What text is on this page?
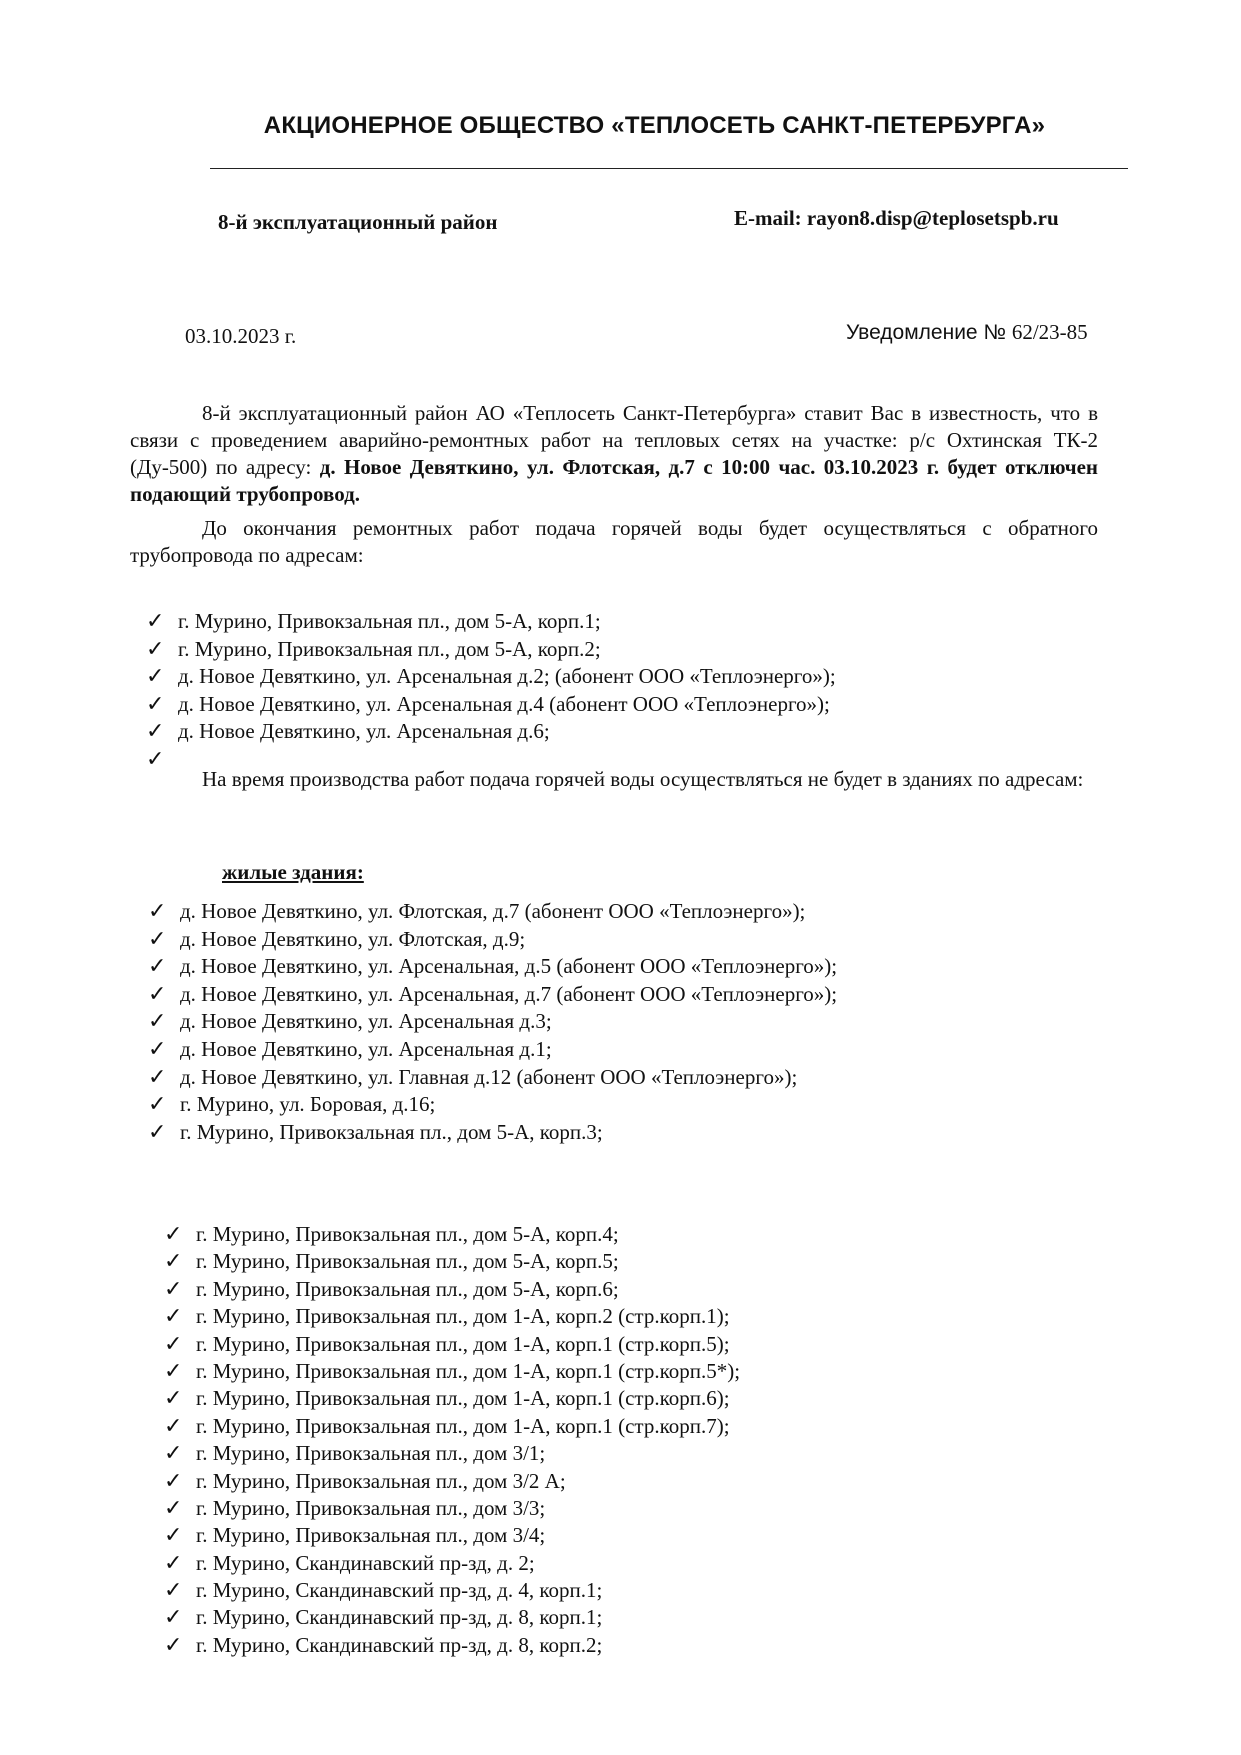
АКЦИОНЕРНОЕ ОБЩЕСТВО «ТЕПЛОСЕТЬ САНКТ-ПЕТЕРБУРГА»
8-й эксплуатационный район	E-mail: rayon8.disp@teplosetspb.ru
03.10.2023 г.	Уведомление № 62/23-85
8-й эксплуатационный район АО «Теплосеть Санкт-Петербурга» ставит Вас в известность, что в связи с проведением аварийно-ремонтных работ на тепловых сетях на участке: р/с Охтинская ТК-2 (Ду-500) по адресу: д. Новое Девяткино, ул. Флотская, д.7 с 10:00 час. 03.10.2023 г. будет отключен подающий трубопровод.
До окончания ремонтных работ подача горячей воды будет осуществляться с обратного трубопровода по адресам:
✓ г. Мурино, Привокзальная пл., дом 5-А, корп.1;
✓ г. Мурино, Привокзальная пл., дом 5-А, корп.2;
✓ д. Новое Девяткино, ул. Арсенальная д.2; (абонент ООО «Теплоэнерго»);
✓ д. Новое Девяткино, ул. Арсенальная д.4 (абонент ООО «Теплоэнерго»);
✓ д. Новое Девяткино, ул. Арсенальная д.6;
✓
На время производства работ подача горячей воды осуществляться не будет в зданиях по адресам:
жилые здания:
✓ д. Новое Девяткино, ул. Флотская, д.7 (абонент ООО «Теплоэнерго»);
✓ д. Новое Девяткино, ул. Флотская, д.9;
✓ д. Новое Девяткино, ул. Арсенальная, д.5 (абонент ООО «Теплоэнерго»);
✓ д. Новое Девяткино, ул. Арсенальная, д.7 (абонент ООО «Теплоэнерго»);
✓ д. Новое Девяткино, ул. Арсенальная д.3;
✓ д. Новое Девяткино, ул. Арсенальная д.1;
✓ д. Новое Девяткино, ул. Главная д.12 (абонент ООО «Теплоэнерго»);
✓ г. Мурино, ул. Боровая, д.16;
✓ г. Мурино, Привокзальная пл., дом 5-А, корп.3;
✓ г. Мурино, Привокзальная пл., дом 5-А, корп.4;
✓ г. Мурино, Привокзальная пл., дом 5-А, корп.5;
✓ г. Мурино, Привокзальная пл., дом 5-А, корп.6;
✓ г. Мурино, Привокзальная пл., дом 1-А, корп.2 (стр.корп.1);
✓ г. Мурино, Привокзальная пл., дом 1-А, корп.1 (стр.корп.5);
✓ г. Мурино, Привокзальная пл., дом 1-А, корп.1 (стр.корп.5*);
✓ г. Мурино, Привокзальная пл., дом 1-А, корп.1 (стр.корп.6);
✓ г. Мурино, Привокзальная пл., дом 1-А, корп.1 (стр.корп.7);
✓ г. Мурино, Привокзальная пл., дом 3/1;
✓ г. Мурино, Привокзальная пл., дом 3/2 А;
✓ г. Мурино, Привокзальная пл., дом 3/3;
✓ г. Мурино, Привокзальная пл., дом 3/4;
✓ г. Мурино, Скандинавский пр-зд, д. 2;
✓ г. Мурино, Скандинавский пр-зд, д. 4, корп.1;
✓ г. Мурино, Скандинавский пр-зд, д. 8, корп.1;
✓ г. Мурино, Скандинавский пр-зд, д. 8, корп.2;
